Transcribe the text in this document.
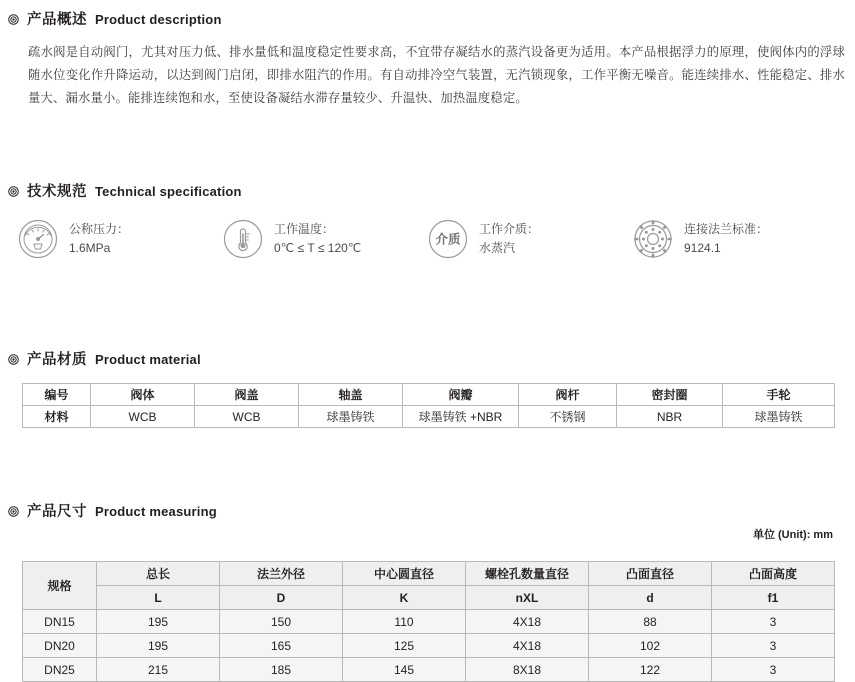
产品概述 Product description

疏水阀是自动阀门，尤其对压力低、排水量低和温度稳定性要求高，不宜带存凝结水的蒸汽设备更为适用。本产品根据浮力的原理，使阀体内的浮球随水位变化作升降运动，以达到阀门启闭，即排水阻汽的作用。有自动排冷空气装置，无汽锁现象，工作平衡无噪音。能连续排水、性能稳定、排水量大、漏水量小。能排连续饱和水，至使设备凝结水滞存量较少、升温快、加热温度稳定。

技术规范 Technical specification
公称压力：
1.6MPa
工作温度：
0℃ ≤ T ≤ 120℃
介质
工作介质：
水蒸汽
连接法兰标准：
9124.1
产品材质 Product material
编号	阀体	阀盖	轴盖	阀瓣	阀杆	密封圈	手轮
材料	WCB	WCB	球墨铸铁	球墨铸铁 +NBR	不锈钢	NBR	球墨铸铁
产品尺寸 Product measuring
单位 (Unit): mm
规格	总长	法兰外径	中心圆直径	螺栓孔数量直径	凸面直径	凸面高度
	L	D	K	nXL	d	f1
DN15	195	150	110	4X18	88	3
DN20	195	165	125	4X18	102	3
DN25	215	185	145	8X18	122	3
